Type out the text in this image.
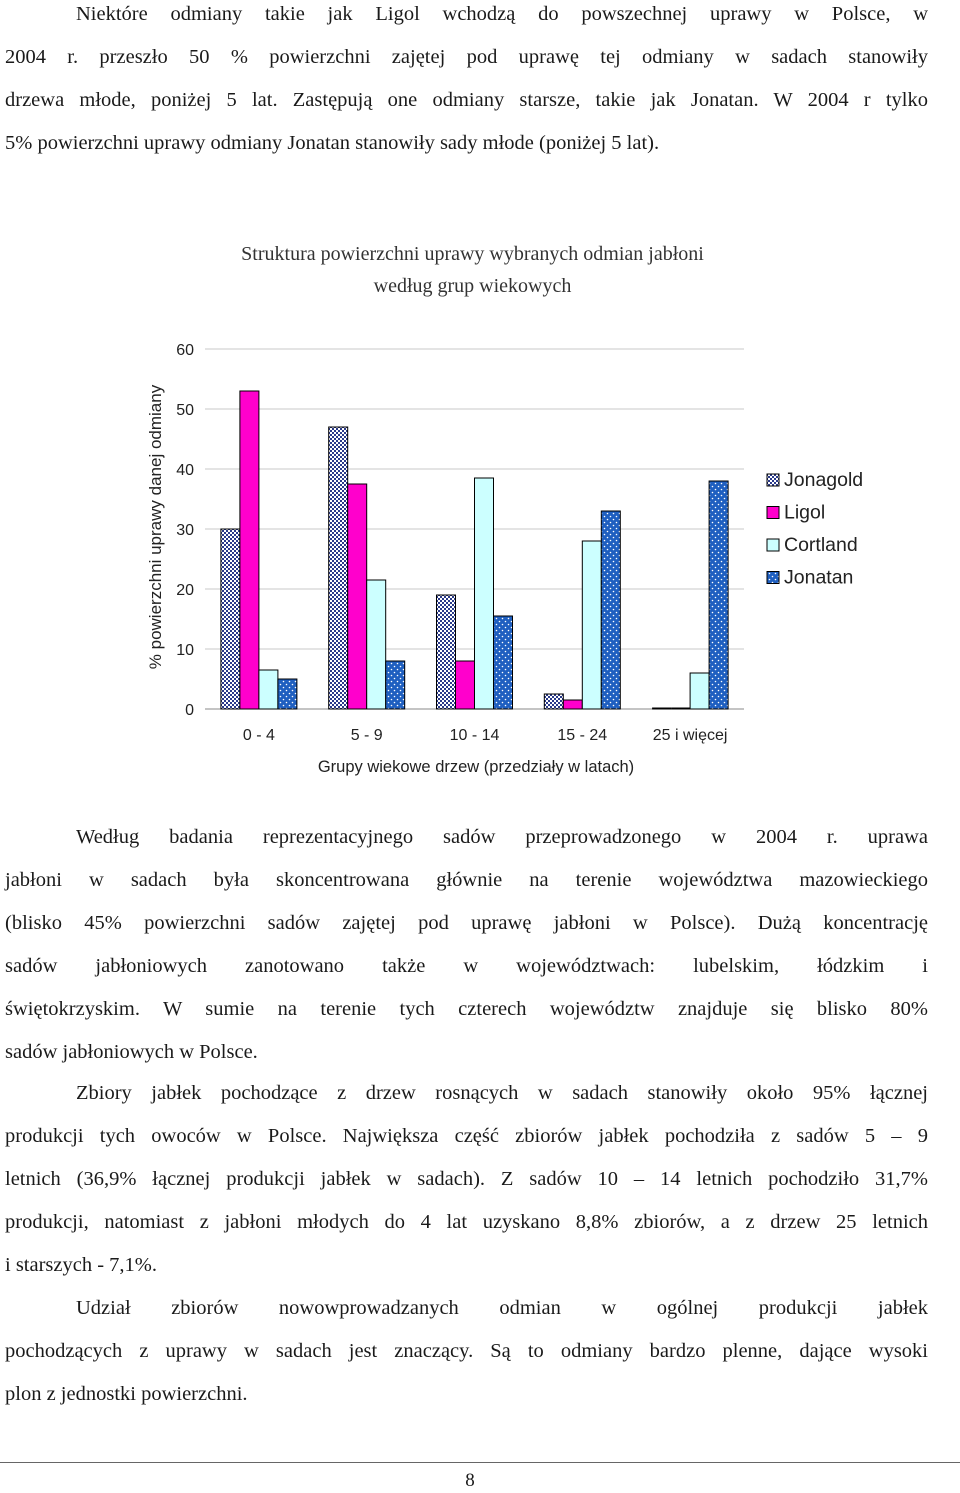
Niektóre odmiany takie jak Ligol wchodzą do powszechnej uprawy w Polsce, w
2004 r. przeszło 50 % powierzchni zajętej pod uprawę tej odmiany w sadach stanowiły
drzewa młode, poniżej 5 lat. Zastępują one odmiany starsze, takie jak Jonatan. W 2004 r tylko
5% powierzchni uprawy odmiany Jonatan stanowiły sady młode (poniżej 5 lat).
Struktura powierzchni uprawy wybranych odmian jabłoni
według grup wiekowych
0
10
20
30
40
50
60
0 - 4	5 - 9	10 - 14	15 - 24	25 i więcej
Jonagold
Ligol
Cortland
Jonatan
% powierzchni uprawy danej odmiany
Grupy wiekowe drzew (przedziały w latach)
Według badania reprezentacyjnego sadów przeprowadzonego w 2004 r. uprawa
jabłoni w sadach była skoncentrowana głównie na terenie województwa mazowieckiego
(blisko 45% powierzchni sadów zajętej pod uprawę jabłoni w Polsce). Dużą koncentrację
sadów jabłoniowych zanotowano także w województwach: lubelskim, łódzkim i
świętokrzyskim. W sumie na terenie tych czterech województw znajduje się blisko 80%
sadów jabłoniowych w Polsce.
Zbiory jabłek pochodzące z drzew rosnących w sadach stanowiły około 95% łącznej
produkcji tych owoców w Polsce. Największa część zbiorów jabłek pochodziła z sadów 5 – 9
letnich (36,9% łącznej produkcji jabłek w sadach). Z sadów 10 – 14 letnich pochodziło 31,7%
produkcji, natomiast z jabłoni młodych do 4 lat uzyskano 8,8% zbiorów, a z drzew 25 letnich
i starszych - 7,1%.
Udział zbiorów nowowprowadzanych odmian w ogólnej produkcji jabłek
pochodzących z uprawy w sadach jest znaczący. Są to odmiany bardzo plenne, dające wysoki
plon z jednostki powierzchni.
8
